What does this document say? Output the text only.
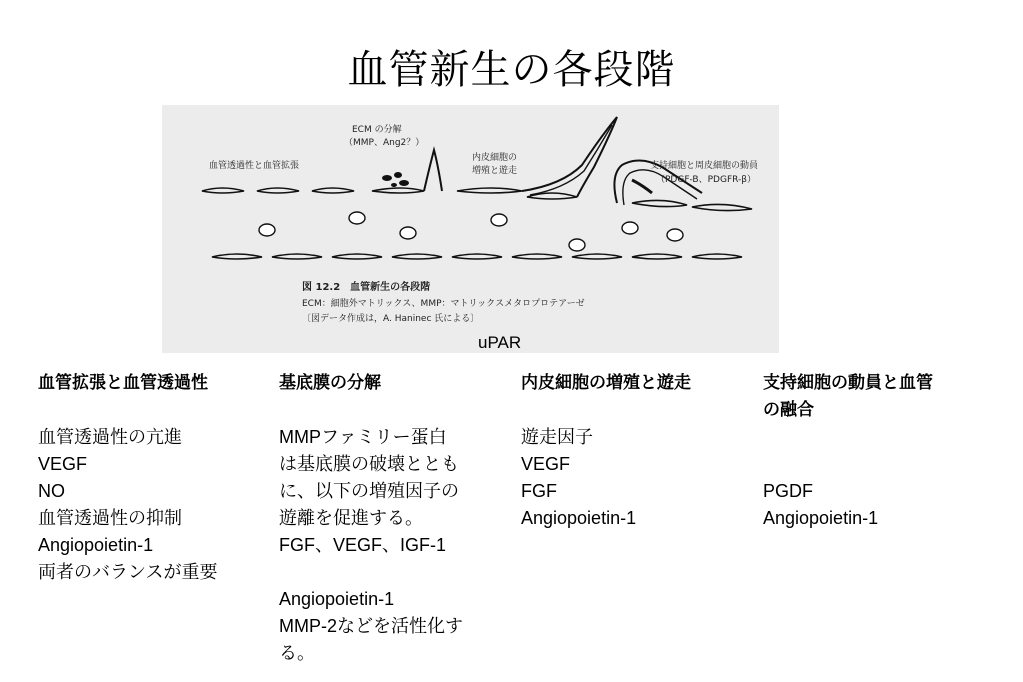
血管新生の各段階
ECM の分解
（MMP、Ang2？）
血管透過性と血管拡張
内皮細胞の
増殖と遊走	支持細胞と周皮細胞の動員
（PDGF-B、PDGFR-β）
図 12.2　血管新生の各段階
ECM：細胞外マトリックス、MMP：マトリックスメタロプロテアーゼ
〔図データ作成は，A. Haninec 氏による〕
uPAR
血管拡張と血管透過性
血管透過性の亢進
VEGF
NO
血管透過性の抑制
Angiopoietin-1
両者のバランスが重要
基底膜の分解
MMPファミリー蛋白
は基底膜の破壊ととも
に、以下の増殖因子の
遊離を促進する。
FGF、VEGF、IGF-1
Angiopoietin-1
MMP-2などを活性化す
る。
内皮細胞の増殖と遊走
遊走因子
VEGF
FGF
Angiopoietin-1
支持細胞の動員と血管
の融合
PGDF
Angiopoietin-1
